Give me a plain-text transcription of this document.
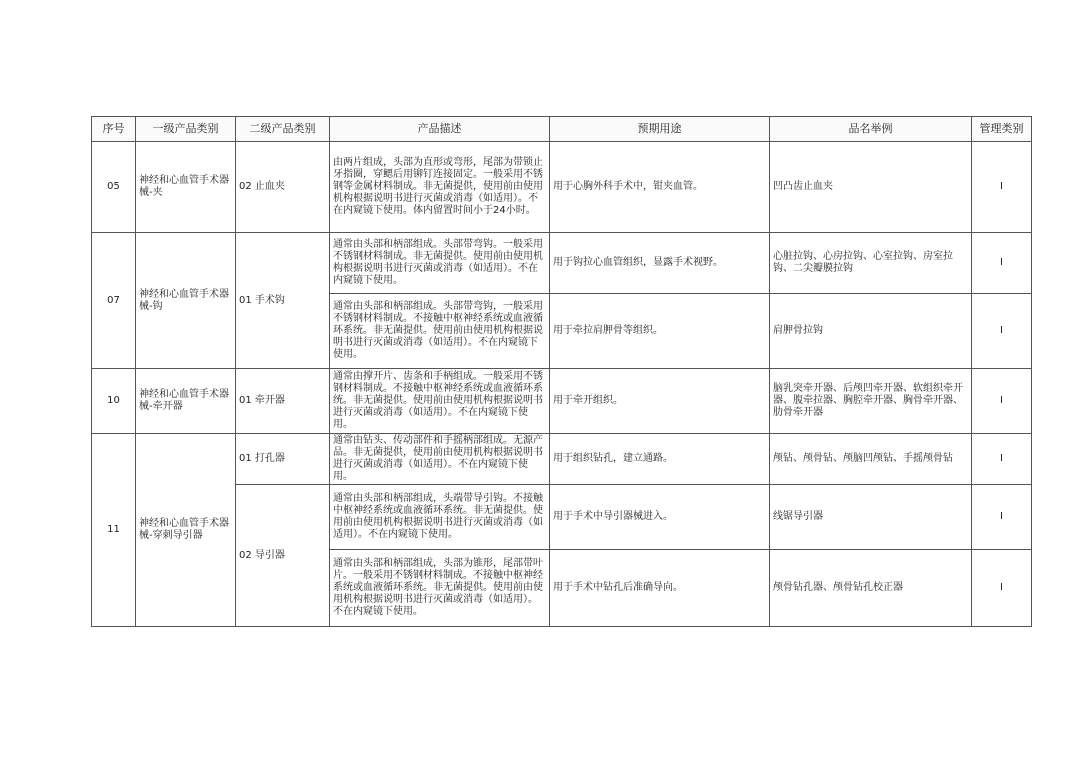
序号	一级产品类别	二级产品类别	产品描述	预期用途	品名举例	管理类别
05	神经和心血管手术器械-夹	02 止血夹	由两片组成，头部为直形或弯形，尾部为带锁止牙指圈，穿鳃后用铆钉连接固定。一般采用不锈钢等金属材料制成。非无菌提供，使用前由使用机构根据说明书进行灭菌或消毒（如适用）。不在内窥镜下使用。体内留置时间小于24小时。	用于心胸外科手术中，钳夹血管。	凹凸齿止血夹	Ⅰ
07	神经和心血管手术器械-钩	01 手术钩	通常由头部和柄部组成。头部带弯钩。一般采用不锈钢材料制成。非无菌提供。使用前由使用机构根据说明书进行灭菌或消毒（如适用）。不在内窥镜下使用。	用于钩拉心血管组织，显露手术视野。	心脏拉钩、心房拉钩、心室拉钩、房室拉钩、二尖瓣膜拉钩	Ⅰ
			通常由头部和柄部组成。头部带弯钩，一般采用不锈钢材料制成。不接触中枢神经系统或血液循环系统。非无菌提供。使用前由使用机构根据说明书进行灭菌或消毒（如适用）。不在内窥镜下使用。	用于牵拉肩胛骨等组织。	肩胛骨拉钩	Ⅰ
10	神经和心血管手术器械-牵开器	01 牵开器	通常由撑开片、齿条和手柄组成。一般采用不锈钢材料制成。不接触中枢神经系统或血液循环系统。非无菌提供。使用前由使用机构根据说明书进行灭菌或消毒（如适用）。不在内窥镜下使用。	用于牵开组织。	脑乳突牵开器、后颅凹牵开器、软组织牵开器、腹牵拉器、胸腔牵开器、胸骨牵开器、肋骨牵开器	Ⅰ
11	神经和心血管手术器械-穿刺导引器	01 打孔器	通常由钻头、传动部件和手摇柄部组成。无源产品。非无菌提供，使用前由使用机构根据说明书进行灭菌或消毒（如适用）。不在内窥镜下使用。	用于组织钻孔，建立通路。	颅钻、颅骨钻、颅脑凹颅钻、手摇颅骨钻	Ⅰ
		02 导引器	通常由头部和柄部组成，头端带导引钩。不接触中枢神经系统或血液循环系统。非无菌提供。使用前由使用机构根据说明书进行灭菌或消毒（如适用）。不在内窥镜下使用。	用于手术中导引器械进入。	线锯导引器	Ⅰ
			通常由头部和柄部组成，头部为锥形，尾部带叶片。一般采用不锈钢材料制成。不接触中枢神经系统或血液循环系统。非无菌提供。使用前由使用机构根据说明书进行灭菌或消毒（如适用）。不在内窥镜下使用。	用于手术中钻孔后准确导向。	颅骨钻孔器、颅骨钻孔校正器	Ⅰ
